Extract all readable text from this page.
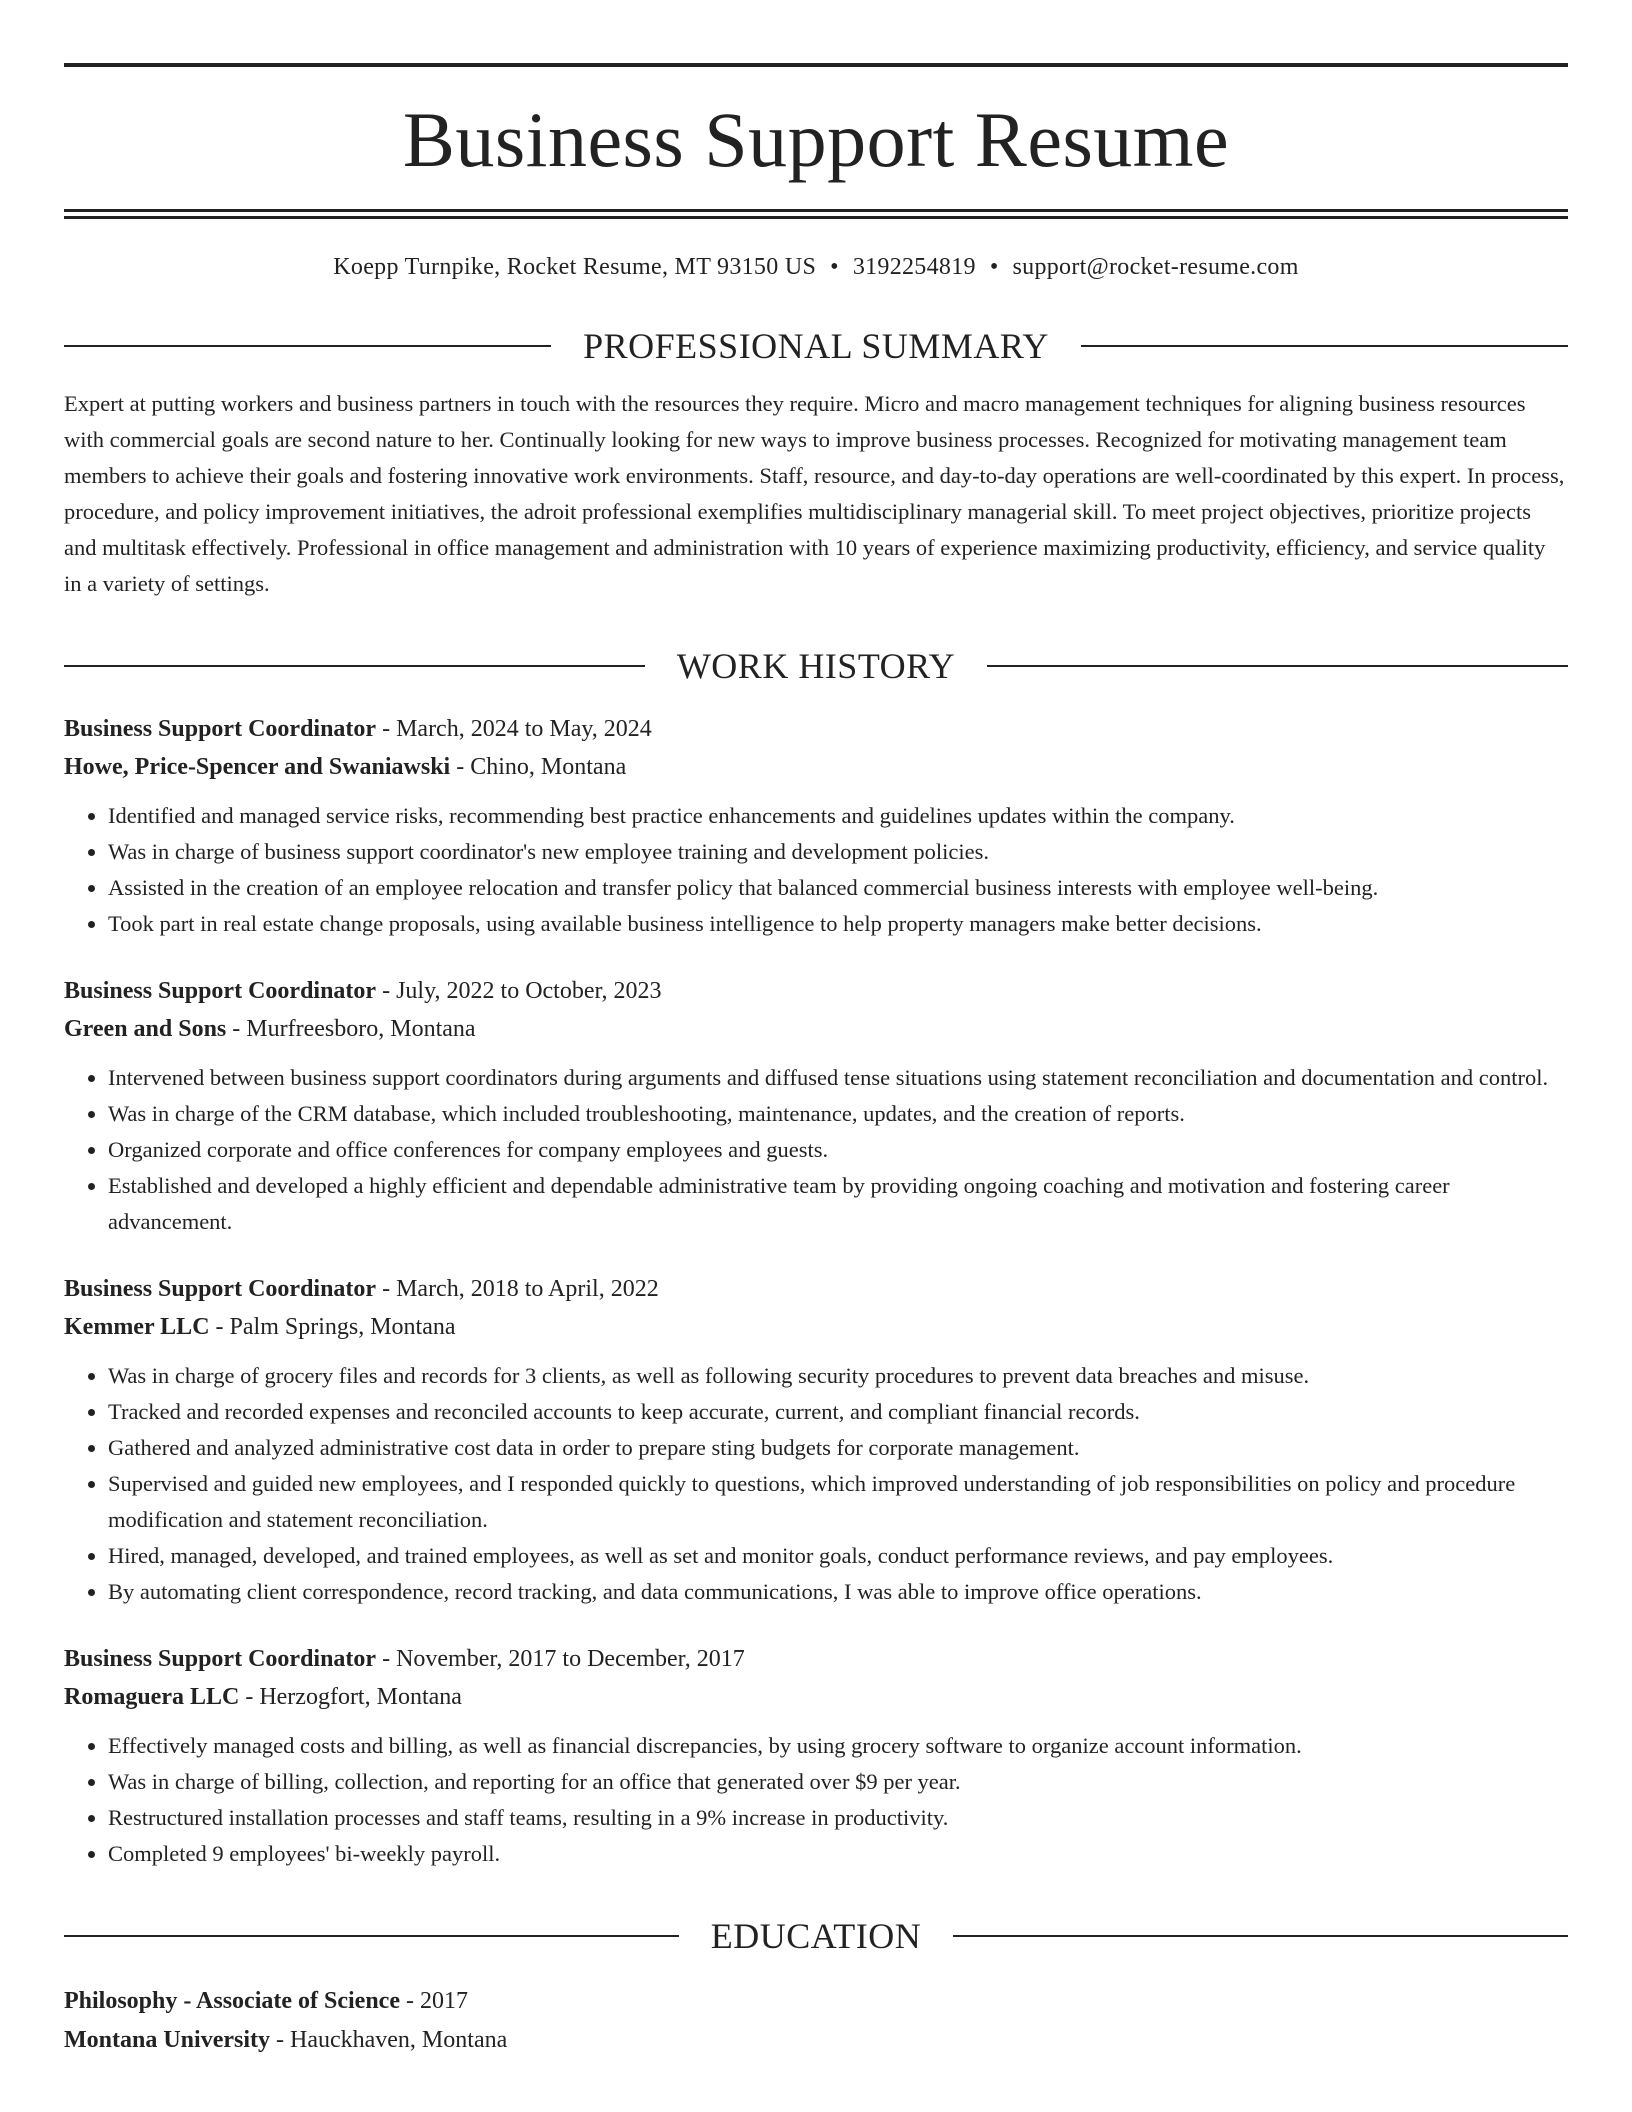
Business Support Resume
Koepp Turnpike, Rocket Resume, MT 93150 US • 3192254819 • support@rocket-resume.com
PROFESSIONAL SUMMARY
Expert at putting workers and business partners in touch with the resources they require. Micro and macro management techniques for aligning business resources with commercial goals are second nature to her. Continually looking for new ways to improve business processes. Recognized for motivating management team members to achieve their goals and fostering innovative work environments. Staff, resource, and day-to-day operations are well-coordinated by this expert. In process, procedure, and policy improvement initiatives, the adroit professional exemplifies multidisciplinary managerial skill. To meet project objectives, prioritize projects and multitask effectively. Professional in office management and administration with 10 years of experience maximizing productivity, efficiency, and service quality in a variety of settings.
WORK HISTORY
Business Support Coordinator - March, 2024 to May, 2024
Howe, Price-Spencer and Swaniawski - Chino, Montana
• Identified and managed service risks, recommending best practice enhancements and guidelines updates within the company.
• Was in charge of business support coordinator's new employee training and development policies.
• Assisted in the creation of an employee relocation and transfer policy that balanced commercial business interests with employee well-being.
• Took part in real estate change proposals, using available business intelligence to help property managers make better decisions.
Business Support Coordinator - July, 2022 to October, 2023
Green and Sons - Murfreesboro, Montana
• Intervened between business support coordinators during arguments and diffused tense situations using statement reconciliation and documentation and control.
• Was in charge of the CRM database, which included troubleshooting, maintenance, updates, and the creation of reports.
• Organized corporate and office conferences for company employees and guests.
• Established and developed a highly efficient and dependable administrative team by providing ongoing coaching and motivation and fostering career advancement.
Business Support Coordinator - March, 2018 to April, 2022
Kemmer LLC - Palm Springs, Montana
• Was in charge of grocery files and records for 3 clients, as well as following security procedures to prevent data breaches and misuse.
• Tracked and recorded expenses and reconciled accounts to keep accurate, current, and compliant financial records.
• Gathered and analyzed administrative cost data in order to prepare sting budgets for corporate management.
• Supervised and guided new employees, and I responded quickly to questions, which improved understanding of job responsibilities on policy and procedure modification and statement reconciliation.
• Hired, managed, developed, and trained employees, as well as set and monitor goals, conduct performance reviews, and pay employees.
• By automating client correspondence, record tracking, and data communications, I was able to improve office operations.
Business Support Coordinator - November, 2017 to December, 2017
Romaguera LLC - Herzogfort, Montana
• Effectively managed costs and billing, as well as financial discrepancies, by using grocery software to organize account information.
• Was in charge of billing, collection, and reporting for an office that generated over $9 per year.
• Restructured installation processes and staff teams, resulting in a 9% increase in productivity.
• Completed 9 employees' bi-weekly payroll.
EDUCATION
Philosophy - Associate of Science - 2017
Montana University - Hauckhaven, Montana
